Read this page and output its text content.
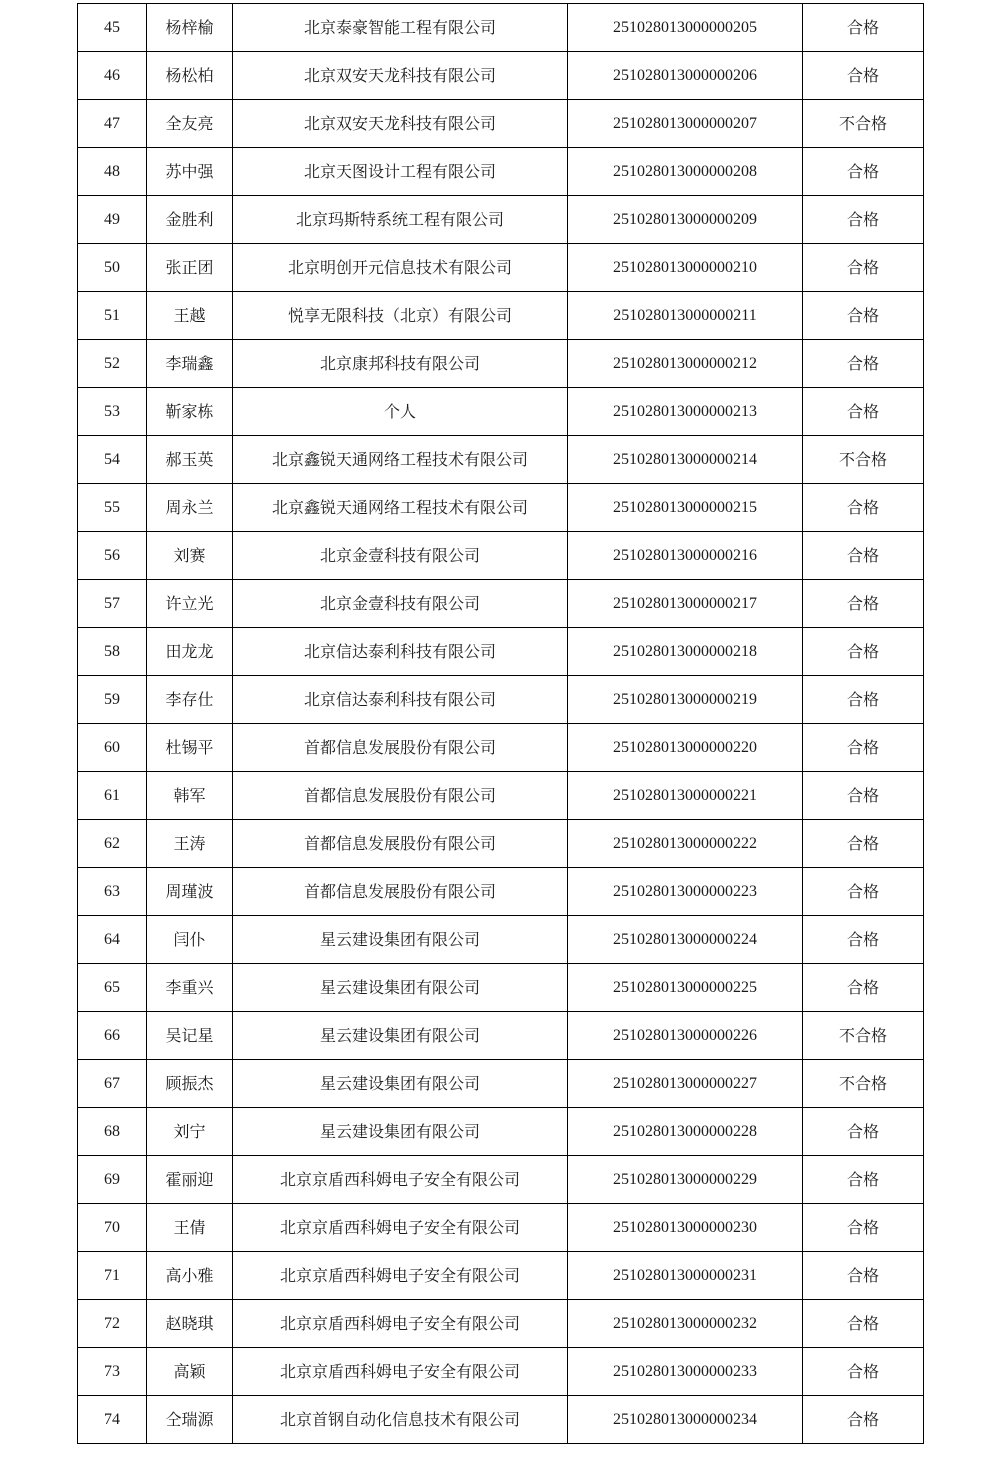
45	杨梓榆	北京泰豪智能工程有限公司	251028013000000205	合格
46	杨松柏	北京双安天龙科技有限公司	251028013000000206	合格
47	全友亮	北京双安天龙科技有限公司	251028013000000207	不合格
48	苏中强	北京天图设计工程有限公司	251028013000000208	合格
49	金胜利	北京玛斯特系统工程有限公司	251028013000000209	合格
50	张正团	北京明创开元信息技术有限公司	251028013000000210	合格
51	王越	悦享无限科技（北京）有限公司	251028013000000211	合格
52	李瑞鑫	北京康邦科技有限公司	251028013000000212	合格
53	靳家栋	个人	251028013000000213	合格
54	郝玉英	北京鑫锐天通网络工程技术有限公司	251028013000000214	不合格
55	周永兰	北京鑫锐天通网络工程技术有限公司	251028013000000215	合格
56	刘赛	北京金壹科技有限公司	251028013000000216	合格
57	许立光	北京金壹科技有限公司	251028013000000217	合格
58	田龙龙	北京信达泰利科技有限公司	251028013000000218	合格
59	李存仕	北京信达泰利科技有限公司	251028013000000219	合格
60	杜锡平	首都信息发展股份有限公司	251028013000000220	合格
61	韩军	首都信息发展股份有限公司	251028013000000221	合格
62	王涛	首都信息发展股份有限公司	251028013000000222	合格
63	周瑾波	首都信息发展股份有限公司	251028013000000223	合格
64	闫仆	星云建设集团有限公司	251028013000000224	合格
65	李重兴	星云建设集团有限公司	251028013000000225	合格
66	吴记星	星云建设集团有限公司	251028013000000226	不合格
67	顾振杰	星云建设集团有限公司	251028013000000227	不合格
68	刘宁	星云建设集团有限公司	251028013000000228	合格
69	霍丽迎	北京京盾西科姆电子安全有限公司	251028013000000229	合格
70	王倩	北京京盾西科姆电子安全有限公司	251028013000000230	合格
71	高小雅	北京京盾西科姆电子安全有限公司	251028013000000231	合格
72	赵晓琪	北京京盾西科姆电子安全有限公司	251028013000000232	合格
73	高颖	北京京盾西科姆电子安全有限公司	251028013000000233	合格
74	仝瑞源	北京首钢自动化信息技术有限公司	251028013000000234	合格
